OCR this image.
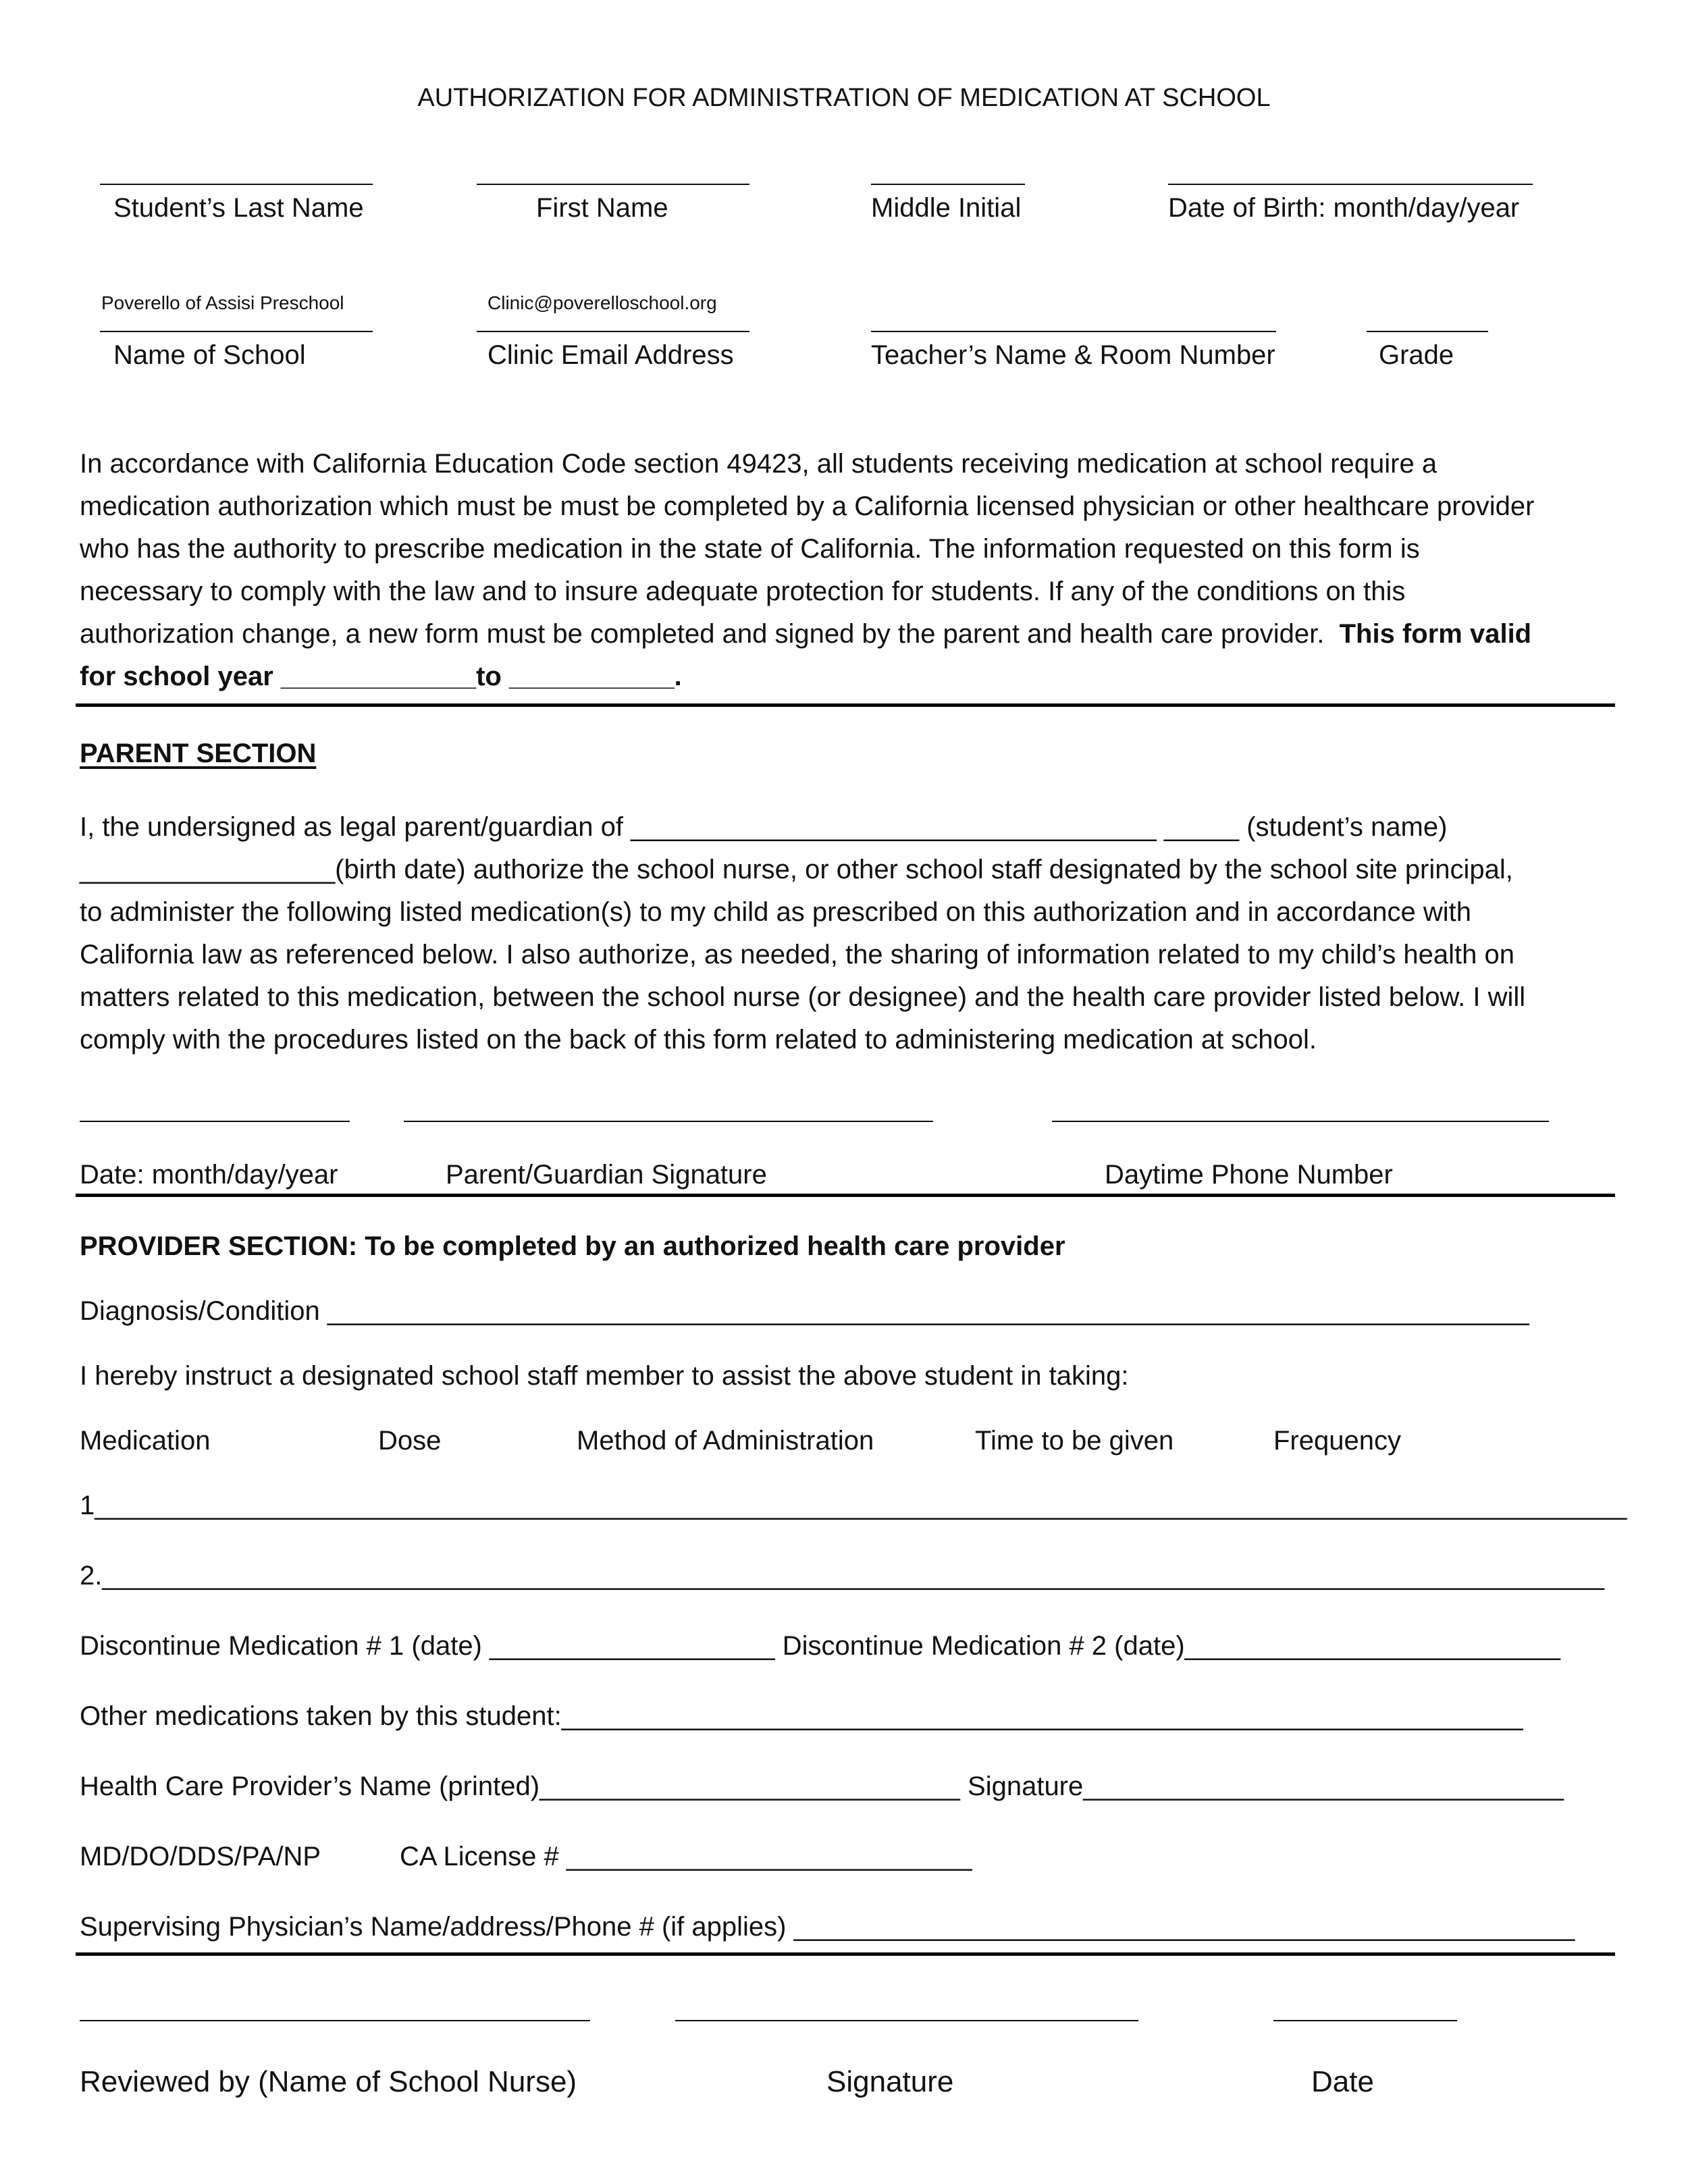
AUTHORIZATION FOR ADMINISTRATION OF MEDICATION AT SCHOOL
Student’s Last Name	First Name	Middle Initial	Date of Birth: month/day/year
Poverello of Assisi Preschool	Clinic@poverelloschool.org
Name of School	Clinic Email Address	Teacher’s Name & Room Number	Grade

In accordance with California Education Code section 49423, all students receiving medication at school require a

medication authorization which must be must be completed by a California licensed physician or other healthcare provider

who has the authority to prescribe medication in the state of California. The information requested on this form is

necessary to comply with the law and to insure adequate protection for students. If any of the conditions on this

authorization change, a new form must be completed and signed by the parent and health care provider. This form valid

for school year _____________to ___________.

PARENT SECTION

I, the undersigned as legal parent/guardian of ___________________________________ _____ (student’s name)

_________________(birth date) authorize the school nurse, or other school staff designated by the school site principal,

to administer the following listed medication(s) to my child as prescribed on this authorization and in accordance with

California law as referenced below. I also authorize, as needed, the sharing of information related to my child’s health on

matters related to this medication, between the school nurse (or designee) and the health care provider listed below. I will

comply with the procedures listed on the back of this form related to administering medication at school.

Date: month/day/year	Parent/Guardian Signature	Daytime Phone Number
PROVIDER SECTION: To be completed by an authorized health care provider
Diagnosis/Condition ________________________________________________________________________________
I hereby instruct a designated school staff member to assist the above student in taking:
Medication	Dose	Method of Administration	Time to be given	Frequency
1______________________________________________________________________________________________________
2.____________________________________________________________________________________________________
Discontinue Medication # 1 (date) ___________________ Discontinue Medication # 2 (date)_________________________
Other medications taken by this student:________________________________________________________________
Health Care Provider’s Name (printed)____________________________ Signature________________________________
MD/DO/DDS/PA/NP	CA License # ___________________________
Supervising Physician’s Name/address/Phone # (if applies) ____________________________________________________
Reviewed by (Name of School Nurse)	Signature	Date
